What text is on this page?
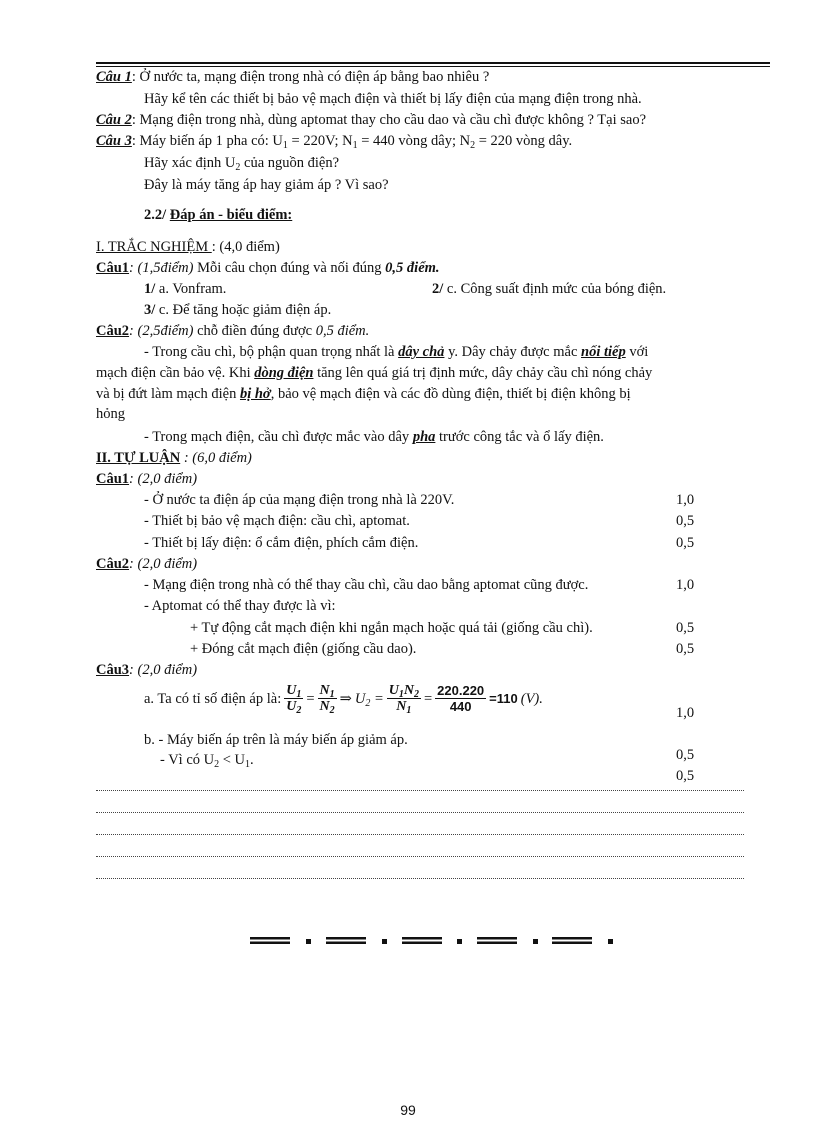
Câu 1: Ở nước ta, mạng điện trong nhà có điện áp bằng bao nhiêu ?
Hãy kể tên các thiết bị bảo vệ mạch điện và thiết bị lấy điện của mạng điện trong nhà.
Câu 2: Mạng điện trong nhà, dùng aptomat thay cho cầu dao và cầu chì được không ? Tại sao?
Câu 3: Máy biến áp 1 pha có: $U_1 = 220V$; $N_1 = 440$ vòng dây; $N_2 = 220$ vòng dây.
Hãy xác định $U_2$ của nguồn điện?
Đây là máy tăng áp hay giảm áp ? Vì sao?
2.2/ Đáp án - biểu điểm:
I. TRẮC NGHIỆM : (4,0 điểm)
Câu1: (1,5điểm) Mỗi câu chọn đúng và nối đúng 0,5 điểm.
1/ a. Vonfram.	2/ c. Công suất định mức của bóng điện.
3/ c. Để tăng hoặc giảm điện áp.
Câu2: (2,5điểm) chỗ điền đúng được 0,5 điểm.
- Trong cầu chì, bộ phận quan trọng nhất là dây chả y. Dây chảy được mắc nối tiếp với
mạch điện cần bảo vệ. Khi dòng điện tăng lên quá giá trị định mức, dây chảy cầu chì nóng chảy
và bị đứt làm mạch điện bị hở, bảo vệ mạch điện và các đồ dùng điện, thiết bị điện không bị
hỏng
- Trong mạch điện, cầu chì được mắc vào dây pha trước công tắc và ổ lấy điện.
II. TỰ LUẬN : (6,0 điểm)
Câu1: (2,0 điểm)
- Ở nước ta điện áp của mạng điện trong nhà là 220V.	1,0
- Thiết bị bảo vệ mạch điện: cầu chì, aptomat.	0,5
- Thiết bị lấy điện: ổ cắm điện, phích cắm điện.	0,5
Câu2: (2,0 điểm)
- Mạng điện trong nhà có thể thay cầu chì, cầu dao bằng aptomat cũng được.	1,0
- Aptomat có thể thay được là vì:
+ Tự động cắt mạch điện khi ngắn mạch hoặc quá tải (giống cầu chì).	0,5
+ Đóng cắt mạch điện (giống cầu dao).	0,5
Câu3: (2,0 điểm)
a. Ta có tỉ số điện áp là: $\frac{U_1}{U_2} = \frac{N_1}{N_2}$ ⇒ $U_2 = \frac{U_1N_2}{N_1} = \frac{220.220}{440} =110$ (V).
1,0
b. - Máy biến áp trên là máy biến áp giảm áp.
- Vì có $U_2 < U_1$.	0,5
0,5
99
